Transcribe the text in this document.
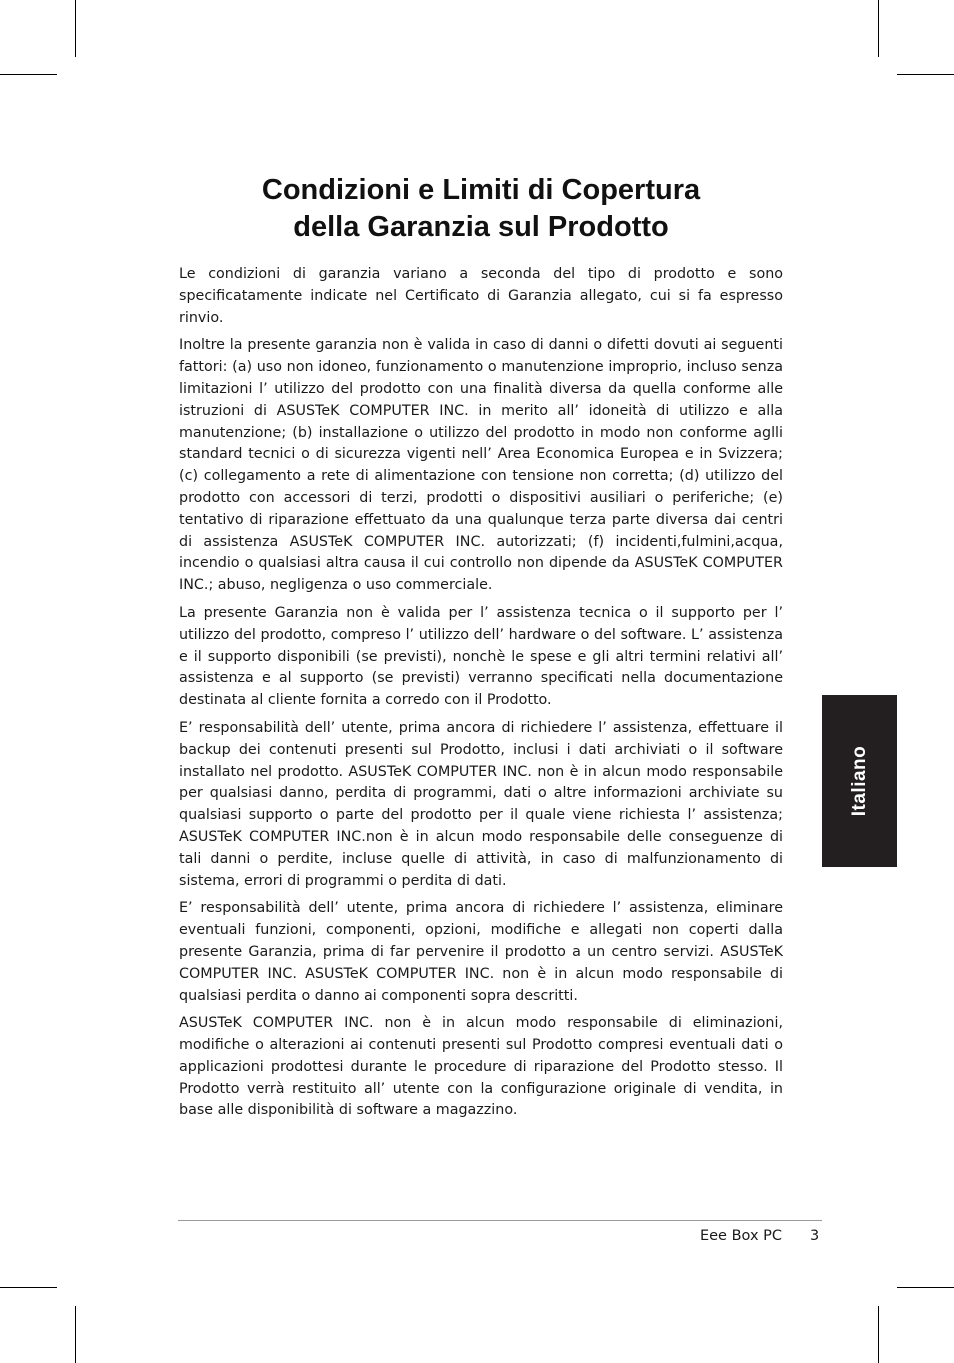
Condizioni e Limiti di Copertura
della Garanzia sul Prodotto

Le condizioni di garanzia variano a seconda del tipo di prodotto e sono specificatamente indicate nel Certificato di Garanzia allegato, cui si fa espresso rinvio.

Inoltre la presente garanzia non è valida in caso di danni o difetti dovuti ai seguenti fattori: (a) uso non idoneo, funzionamento o manutenzione improprio, incluso senza limitazioni l’ utilizzo del prodotto con una finalità diversa da quella conforme alle istruzioni di ASUSTeK COMPUTER INC. in merito all’ idoneità di utilizzo e alla manutenzione; (b) installazione o utilizzo del prodotto in modo non conforme aglli standard tecnici o di sicurezza vigenti nell’ Area Economica Europea e in Svizzera; (c) collegamento a rete di alimentazione con tensione non corretta; (d) utilizzo del prodotto con accessori di terzi, prodotti o dispositivi ausiliari o periferiche; (e) tentativo di riparazione effettuato da una qualunque terza parte diversa dai centri di assistenza ASUSTeK COMPUTER INC. autorizzati; (f) incidenti,fulmini,acqua, incendio o qualsiasi altra causa il cui controllo non dipende da ASUSTeK COMPUTER INC.; abuso, negligenza o uso commerciale.

La presente Garanzia non è valida per l’ assistenza tecnica o il supporto per l’ utilizzo del prodotto, compreso l’ utilizzo dell’ hardware o del software. L’ assistenza e il supporto disponibili (se previsti), nonchè le spese e gli altri termini relativi all’ assistenza e al supporto (se previsti) verranno specificati nella documentazione destinata al cliente fornita a corredo con il Prodotto.

E’ responsabilità dell’ utente, prima ancora di richiedere l’ assistenza, effettuare il backup dei contenuti presenti sul Prodotto, inclusi i dati archiviati o il software installato nel prodotto. ASUSTeK COMPUTER INC. non è in alcun modo responsabile per qualsiasi danno, perdita di programmi, dati o altre informazioni archiviate su qualsiasi supporto o parte del prodotto per il quale viene richiesta l’ assistenza; ASUSTeK COMPUTER INC.non è in alcun modo responsabile delle conseguenze di tali danni o perdite, incluse quelle di attività, in caso di malfunzionamento di sistema, errori di programmi o perdita di dati.

E’ responsabilità dell’ utente, prima ancora di richiedere l’ assistenza, eliminare eventuali funzioni, componenti, opzioni, modifiche e allegati non coperti dalla presente Garanzia, prima di far pervenire il prodotto a un centro servizi. ASUSTeK COMPUTER INC. ASUSTeK COMPUTER INC. non è in alcun modo responsabile di qualsiasi perdita o danno ai componenti sopra descritti.

ASUSTeK COMPUTER INC. non è in alcun modo responsabile di eliminazioni, modifiche o alterazioni ai contenuti presenti sul Prodotto compresi eventuali dati o applicazioni prodottesi durante le procedure di riparazione del Prodotto stesso. Il Prodotto verrà restituito all’ utente con la configurazione originale di vendita, in base alle disponibilità di software a magazzino.

Italiano
Eee Box PC 3
